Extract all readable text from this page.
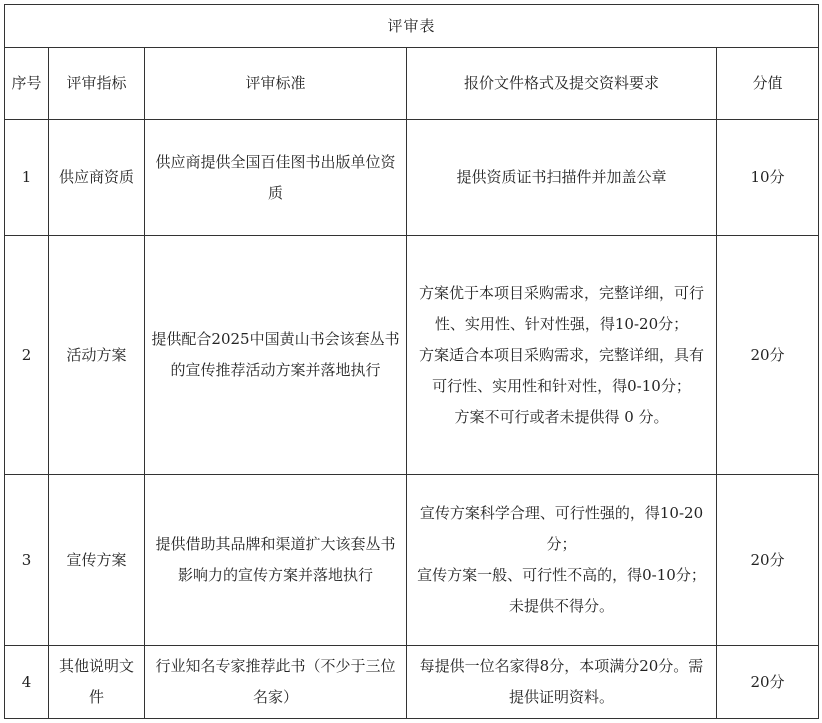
评审表				
序号	评审指标	评审标准	报价文件格式及提交资料要求	分值
1	供应商资质	供应商提供全国百佳图书出版单位资质	提供资质证书扫描件并加盖公章	10分
2	活动方案	提供配合2025中国黄山书会该套丛书的宣传推荐活动方案并落地执行	方案优于本项目采购需求，完整详细，可行性、实用性、针对性强，得10-20分；
方案适合本项目采购需求，完整详细，具有可行性、实用性和针对性，得0-10分；
方案不可行或者未提供得 0 分。	20分
3	宣传方案	提供借助其品牌和渠道扩大该套丛书影响力的宣传方案并落地执行	宣传方案科学合理、可行性强的，得10-20分；
宣传方案一般、可行性不高的，得0-10分；
未提供不得分。	20分
4	其他说明文件	行业知名专家推荐此书（不少于三位名家）	每提供一位名家得8分，本项满分20分。需提供证明资料。	20分
